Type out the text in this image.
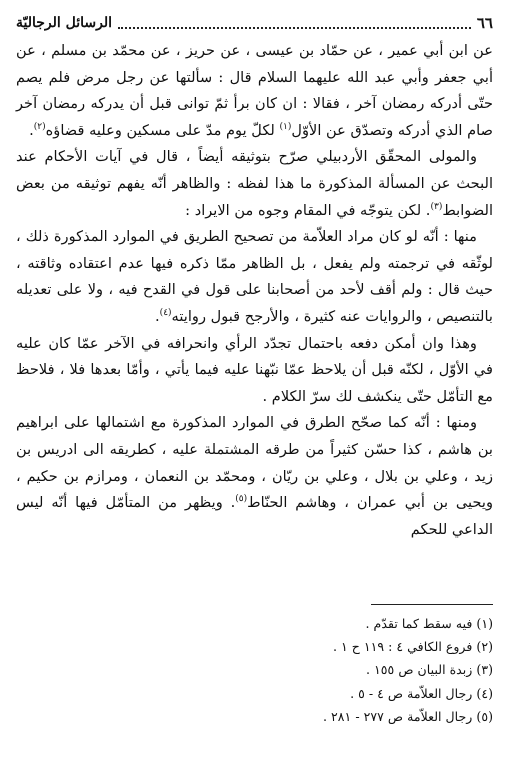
٦٦
الرسائل الرجاليّة

عن ابن أبي عمير ، عن حمّاد بن عيسى ، عن حريز ، عن محمّد بن مسلم ، عن أبي جعفر وأبي عبد الله عليهما السلام قال : سألتها عن رجل مرض فلم يصم حتّى أدركه رمضان آخر ، فقالا : ان كان برأ ثمّ توانى قبل أن يدركه رمضان آخر صام الذي أدركه وتصدّق عن الأوّل$^{(١)}$ لكلّ يوم مدّ على مسكين وعليه قضاؤه$^{(٢)}$.

والمولى المحقّق الأردبيلي صرّح بتوثيقه أيضاً ، قال في آيات الأحكام عند البحث عن المسألة المذكورة ما هذا لفظه : والظاهر أنّه يفهم توثيقه من بعض الضوابط$^{(٣)}$. لكن يتوجّه في المقام وجوه من الايراد :

منها : أنّه لو كان مراد العلاّمة من تصحيح الطريق في الموارد المذكورة ذلك ، لوثّقه في ترجمته ولم يفعل ، بل الظاهر ممّا ذكره فيها عدم اعتقاده وثاقته ، حيث قال : ولم أقف لأحد من أصحابنا على قول في القدح فيه ، ولا على تعديله بالتنصيص ، والروايات عنه كثيرة ، والأرجح قبول روايته$^{(٤)}$.

وهذا وان أمكن دفعه باحتمال تجدّد الرأي وانحرافه في الآخر عمّا كان عليه في الأوّل ، لكنّه قبل أن يلاحظ عمّا نبّهنا عليه فيما يأتي ، وأمّا بعدها فلا ، فلاحظ مع التأمّل حتّى ينكشف لك سرّ الكلام .

ومنها : أنّه كما صحّح الطرق في الموارد المذكورة مع اشتمالها على ابراهيم بن هاشم ، كذا حسّن كثيراً من طرقه المشتملة عليه ، كطريقه الى ادريس بن زيد ، وعلي بن بلال ، وعلي بن ريّان ، ومحمّد بن النعمان ، ومرازم بن حكيم ، ويحيى بن أبي عمران ، وهاشم الحنّاط$^{(٥)}$. ويظهر من المتأمّل فيها أنّه ليس الداعي للحكم

(١) فيه سقط كما تقدّم .
(٢) فروع الكافي ٤ : ١١٩ ح ١ .
(٣) زبدة البيان ص ١٥٥ .
(٤) رجال العلاّمة ص ٤ - ٥ .
(٥) رجال العلاّمة ص ٢٧٧ - ٢٨١ .
